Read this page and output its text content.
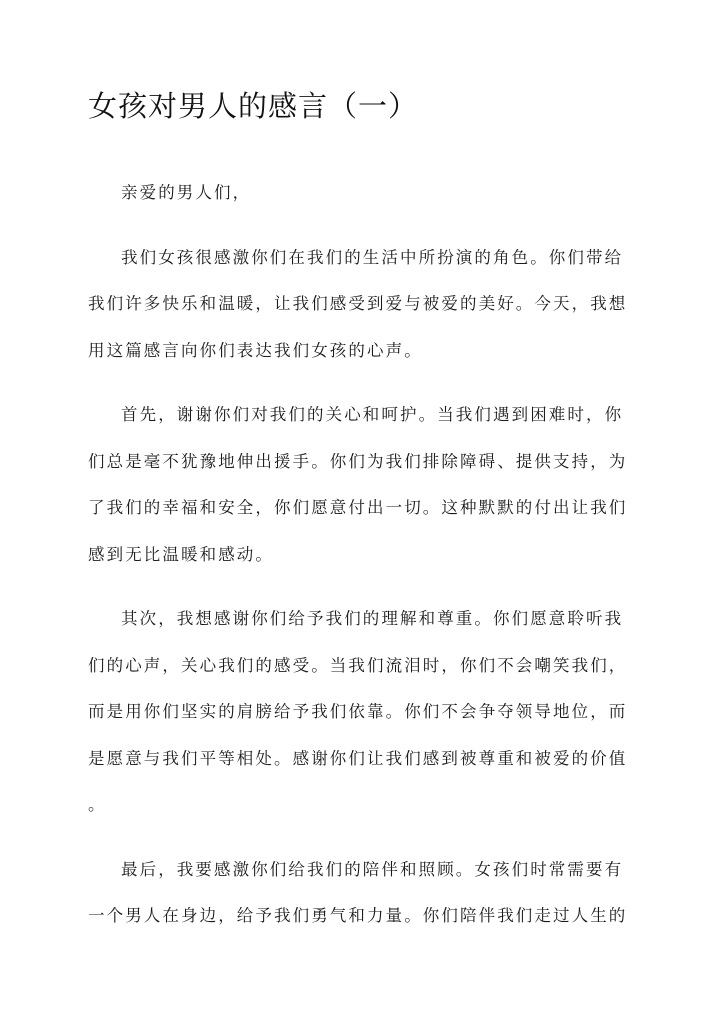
女孩对男人的感言（一）

亲爱的男人们，

我们女孩很感激你们在我们的生活中所扮演的角色。你们带给
我们许多快乐和温暖，让我们感受到爱与被爱的美好。今天，我想
用这篇感言向你们表达我们女孩的心声。

首先，谢谢你们对我们的关心和呵护。当我们遇到困难时，你
们总是毫不犹豫地伸出援手。你们为我们排除障碍、提供支持，为
了我们的幸福和安全，你们愿意付出一切。这种默默的付出让我们
感到无比温暖和感动。

其次，我想感谢你们给予我们的理解和尊重。你们愿意聆听我
们的心声，关心我们的感受。当我们流泪时，你们不会嘲笑我们，
而是用你们坚实的肩膀给予我们依靠。你们不会争夺领导地位，而
是愿意与我们平等相处。感谢你们让我们感到被尊重和被爱的价值
。

最后，我要感激你们给我们的陪伴和照顾。女孩们时常需要有
一个男人在身边，给予我们勇气和力量。你们陪伴我们走过人生的
